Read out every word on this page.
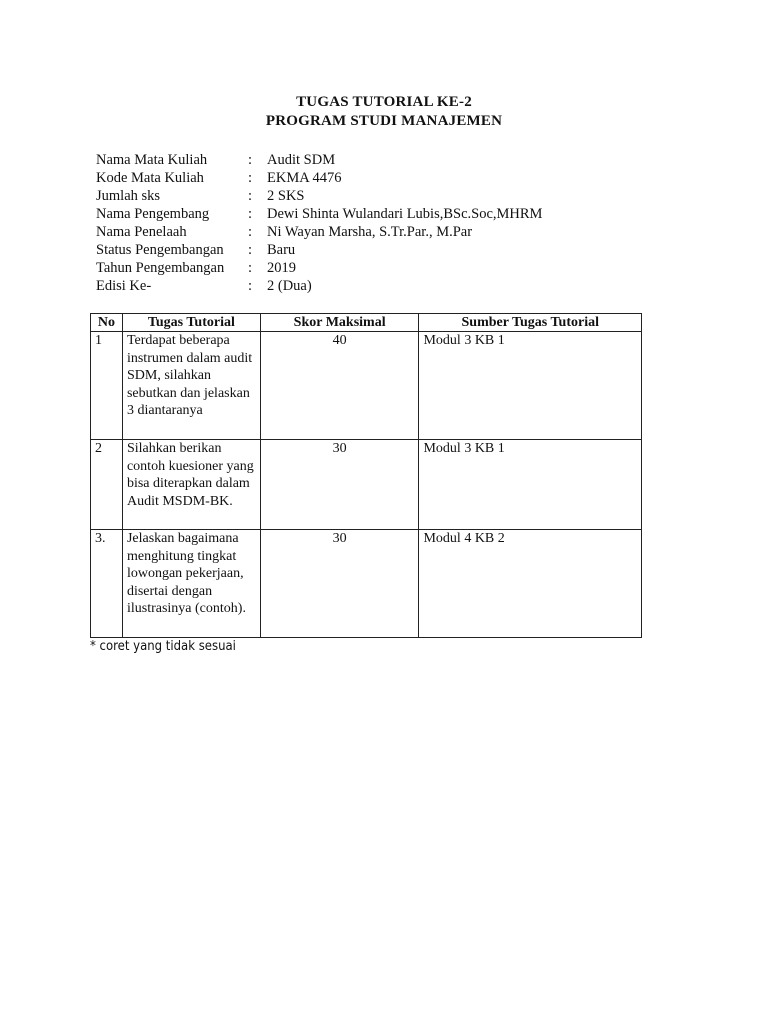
TUGAS TUTORIAL KE-2
PROGRAM STUDI MANAJEMEN
Nama Mata Kuliah	: Audit SDM
Kode Mata Kuliah	: EKMA 4476
Jumlah sks	: 2 SKS
Nama Pengembang	: Dewi Shinta Wulandari Lubis,BSc.Soc,MHRM
Nama Penelaah	: Ni Wayan Marsha, S.Tr.Par., M.Par
Status Pengembangan : Baru
Tahun Pengembangan : 2019
Edisi Ke-	: 2 (Dua)
No	Tugas Tutorial	Skor Maksimal	Sumber Tugas Tutorial
1	Terdapat beberapa instrumen dalam audit SDM, silahkan sebutkan dan jelaskan 3 diantaranya	40	Modul 3 KB 1
2	Silahkan berikan contoh kuesioner yang bisa diterapkan dalam Audit MSDM-BK.	30	Modul 3 KB 1
3.	Jelaskan bagaimana menghitung tingkat lowongan pekerjaan, disertai dengan ilustrasinya (contoh).	30	Modul 4 KB 2
* coret yang tidak sesuai
